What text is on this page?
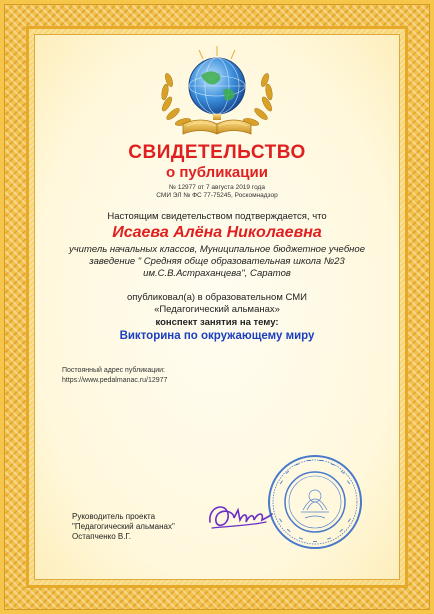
СВИДЕТЕЛЬСТВО
о публикации
№ 12977 от 7 августа 2019 года
СМИ ЭЛ № ФС 77-75245, Роскомнадзор
Настоящим свидетельством подтверждается, что
Исаева Алёна Николаевна
учитель начальных классов, Муниципальное бюджетное учебное
заведение " Средняя обще образовательная школа №23
им.С.В.Астраханцева", Саратов
опубликовал(а) в образовательном СМИ
«Педагогический альманах»
конспект занятия на тему:
Викторина по окружающему миру
Постоянный адрес публикации:
https://www.pedalmanac.ru/12977
Руководитель проекта
"Педагогический альманах"
Остапченко В.Г.
